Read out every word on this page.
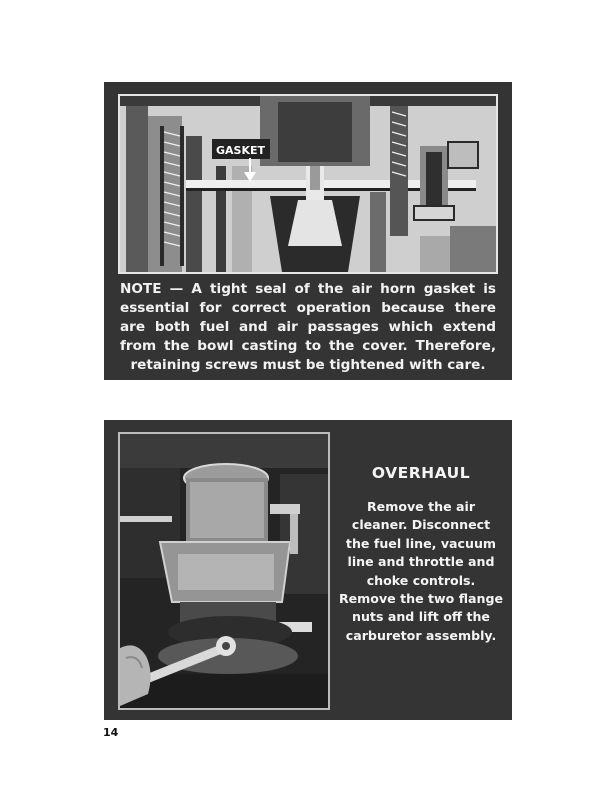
GASKET

NOTE — A tight seal of the air horn gasket is essential for correct operation because there are both fuel and air passages which extend from the bowl casting to the cover. Therefore, retaining screws must be tightened with care.

OVERHAUL

Remove the air cleaner. Disconnect the fuel line, vacuum line and throttle and choke controls. Remove the two flange nuts and lift off the carburetor assembly.

14
